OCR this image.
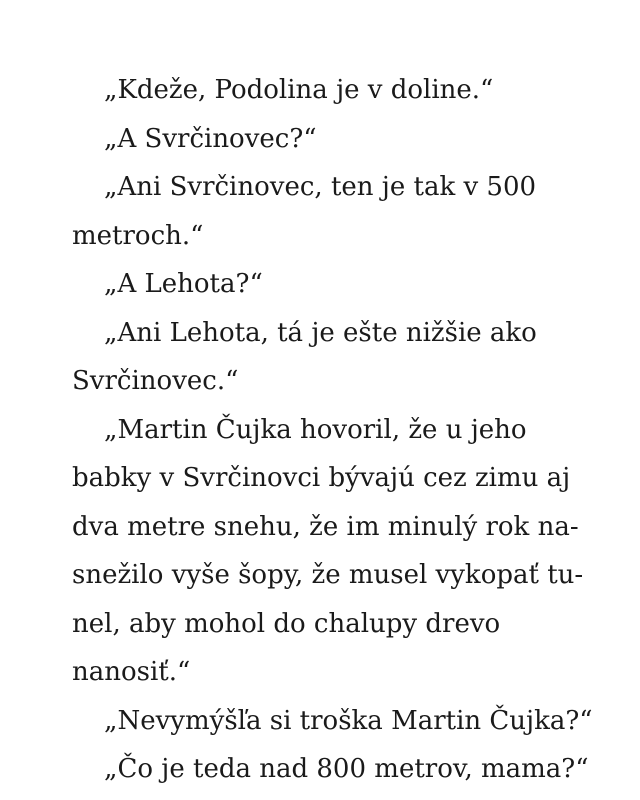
„Kdeže, Podolina je v doline.“
„A Svrčinovec?“
„Ani Svrčinovec, ten je tak v 500
metroch.“
„A Lehota?“
„Ani Lehota, tá je ešte nižšie ako
Svrčinovec.“
„Martin Čujka hovoril, že u jeho
babky v Svrčinovci bývajú cez zimu aj
dva metre snehu, že im minulý rok na-
snežilo vyše šopy, že musel vykopať tu-
nel, aby mohol do chalupy drevo
nanosiť.“
„Nevymýšľa si troška Martin Čujka?“
„Čo je teda nad 800 metrov, mama?“
